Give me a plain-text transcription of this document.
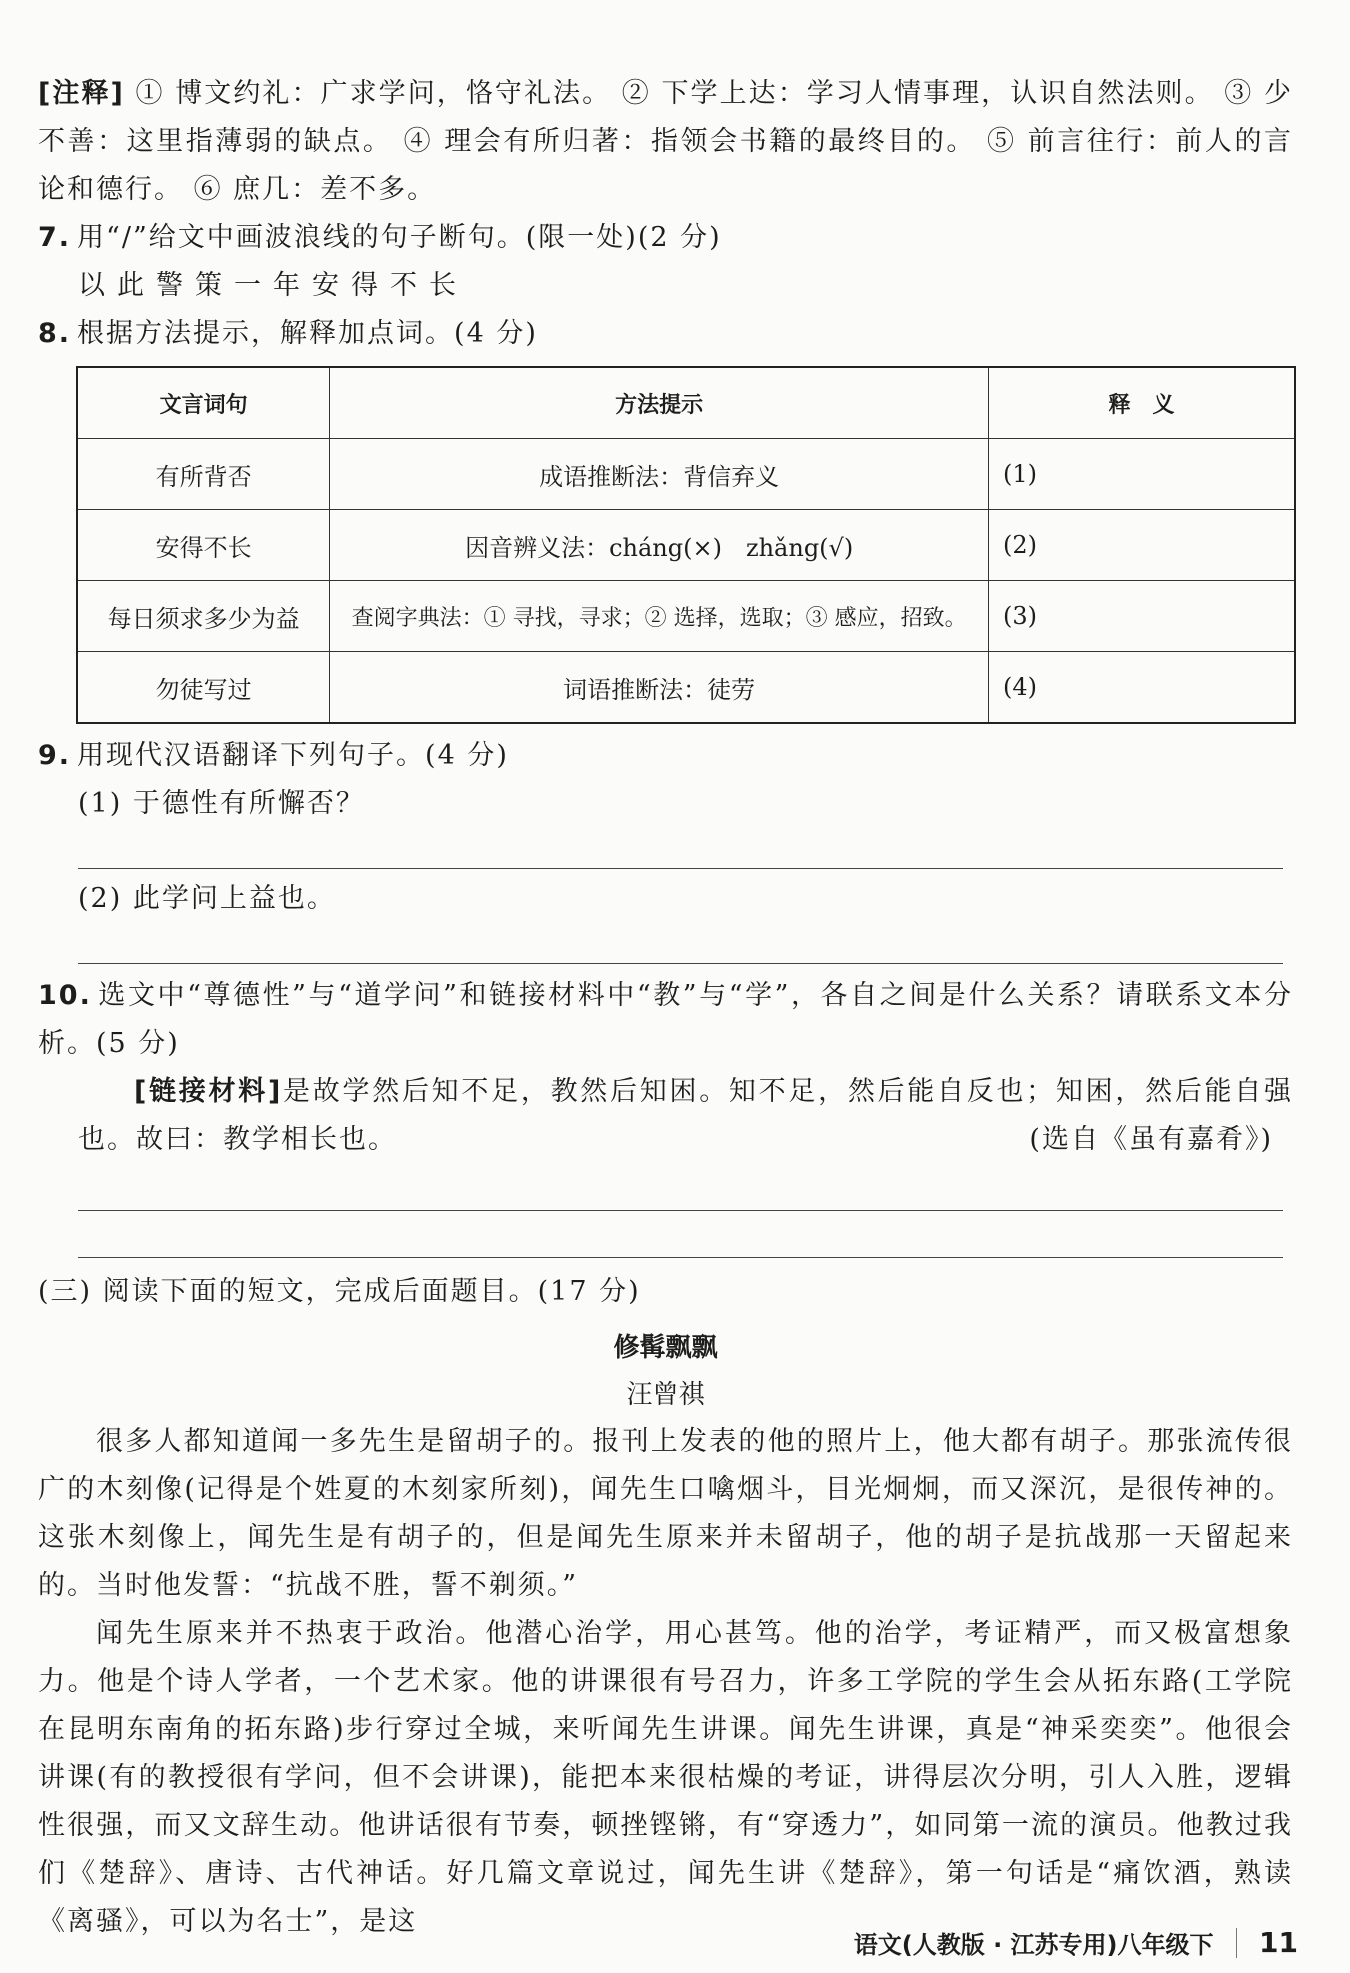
[注释] ① 博文约礼：广求学问，恪守礼法。 ② 下学上达：学习人情事理，认识自然法则。 ③ 少不善：这里指薄弱的缺点。 ④ 理会有所归著：指领会书籍的最终目的。 ⑤ 前言往行：前人的言论和德行。 ⑥ 庶几：差不多。

7. 用“/”给文中画波浪线的句子断句。(限一处)(2 分)

以此警策一年安得不长

8. 根据方法提示，解释加点词。(4 分)

文言词句	方法提示	释　义
有所背否	成语推断法：背信弃义	(1)
安得不长	因音辨义法：cháng(×)　zhǎng(√)	(2)
每日须求多少为益	查阅字典法：① 寻找，寻求；② 选择，选取；③ 感应，招致。	(3)
勿徒写过	词语推断法：徒劳	(4)

9. 用现代汉语翻译下列句子。(4 分)

(1) 于德性有所懈否？

(2) 此学问上益也。

10. 选文中“尊德性”与“道学问”和链接材料中“教”与“学”，各自之间是什么关系？请联系文本分析。(5 分)

[链接材料]是故学然后知不足，教然后知困。知不足，然后能自反也；知困，然后能自强也。故曰：教学相长也。	(选自《虽有嘉肴》)

(三) 阅读下面的短文，完成后面题目。(17 分)

修髯飘飘
汪曾祺

很多人都知道闻一多先生是留胡子的。报刊上发表的他的照片上，他大都有胡子。那张流传很广的木刻像(记得是个姓夏的木刻家所刻)，闻先生口噙烟斗，目光炯炯，而又深沉，是很传神的。这张木刻像上，闻先生是有胡子的，但是闻先生原来并未留胡子，他的胡子是抗战那一天留起来的。当时他发誓：“抗战不胜，誓不剃须。”

闻先生原来并不热衷于政治。他潜心治学，用心甚笃。他的治学，考证精严，而又极富想象力。他是个诗人学者，一个艺术家。他的讲课很有号召力，许多工学院的学生会从拓东路(工学院在昆明东南角的拓东路)步行穿过全城，来听闻先生讲课。闻先生讲课，真是“神采奕奕”。他很会讲课(有的教授很有学问，但不会讲课)，能把本来很枯燥的考证，讲得层次分明，引人入胜，逻辑性很强，而又文辞生动。他讲话很有节奏，顿挫铿锵，有“穿透力”，如同第一流的演员。他教过我们《楚辞》、唐诗、古代神话。好几篇文章说过，闻先生讲《楚辞》，第一句话是“痛饮酒，熟读《离骚》，可以为名士”，是这

语文(人教版 · 江苏专用)八年级下 11
